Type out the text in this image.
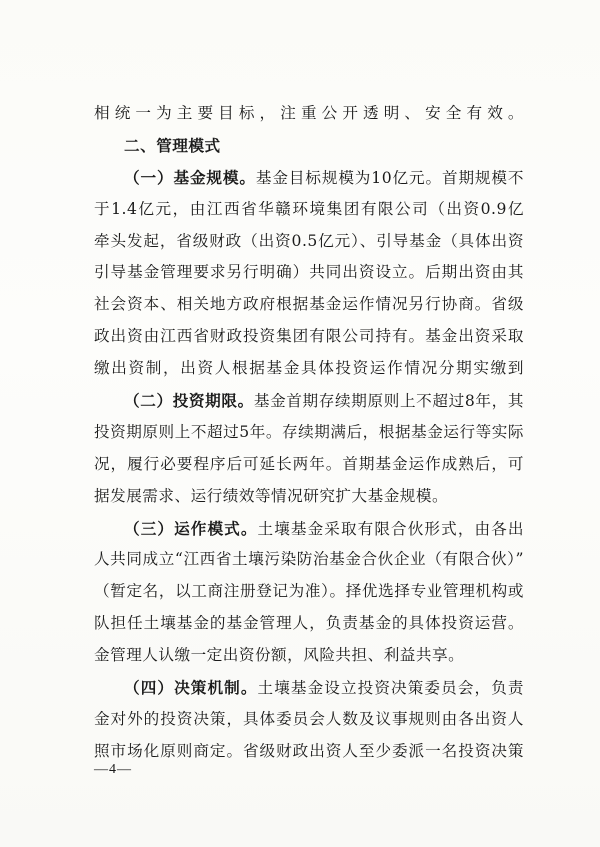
相统一为主要目标，注重公开透明、安全有效。
二、管理模式
（一）基金规模。基金目标规模为10亿元。首期规模不
于1.4亿元，由江西省华赣环境集团有限公司（出资0.9亿
牵头发起，省级财政（出资0.5亿元）、引导基金（具体出资
引导基金管理要求另行明确）共同出资设立。后期出资由其
社会资本、相关地方政府根据基金运作情况另行协商。省级
政出资由江西省财政投资集团有限公司持有。基金出资采取
缴出资制，出资人根据基金具体投资运作情况分期实缴到
（二）投资期限。基金首期存续期原则上不超过8年，其
投资期原则上不超过5年。存续期满后，根据基金运行等实际
况，履行必要程序后可延长两年。首期基金运作成熟后，可
据发展需求、运行绩效等情况研究扩大基金规模。
（三）运作模式。土壤基金采取有限合伙形式，由各出
人共同成立“江西省土壤污染防治基金合伙企业（有限合伙）”
（暂定名，以工商注册登记为准）。择优选择专业管理机构或
队担任土壤基金的基金管理人，负责基金的具体投资运营。
金管理人认缴一定出资份额，风险共担、利益共享。
（四）决策机制。土壤基金设立投资决策委员会，负责
金对外的投资决策，具体委员会人数及议事规则由各出资人
照市场化原则商定。省级财政出资人至少委派一名投资决策
—4—
